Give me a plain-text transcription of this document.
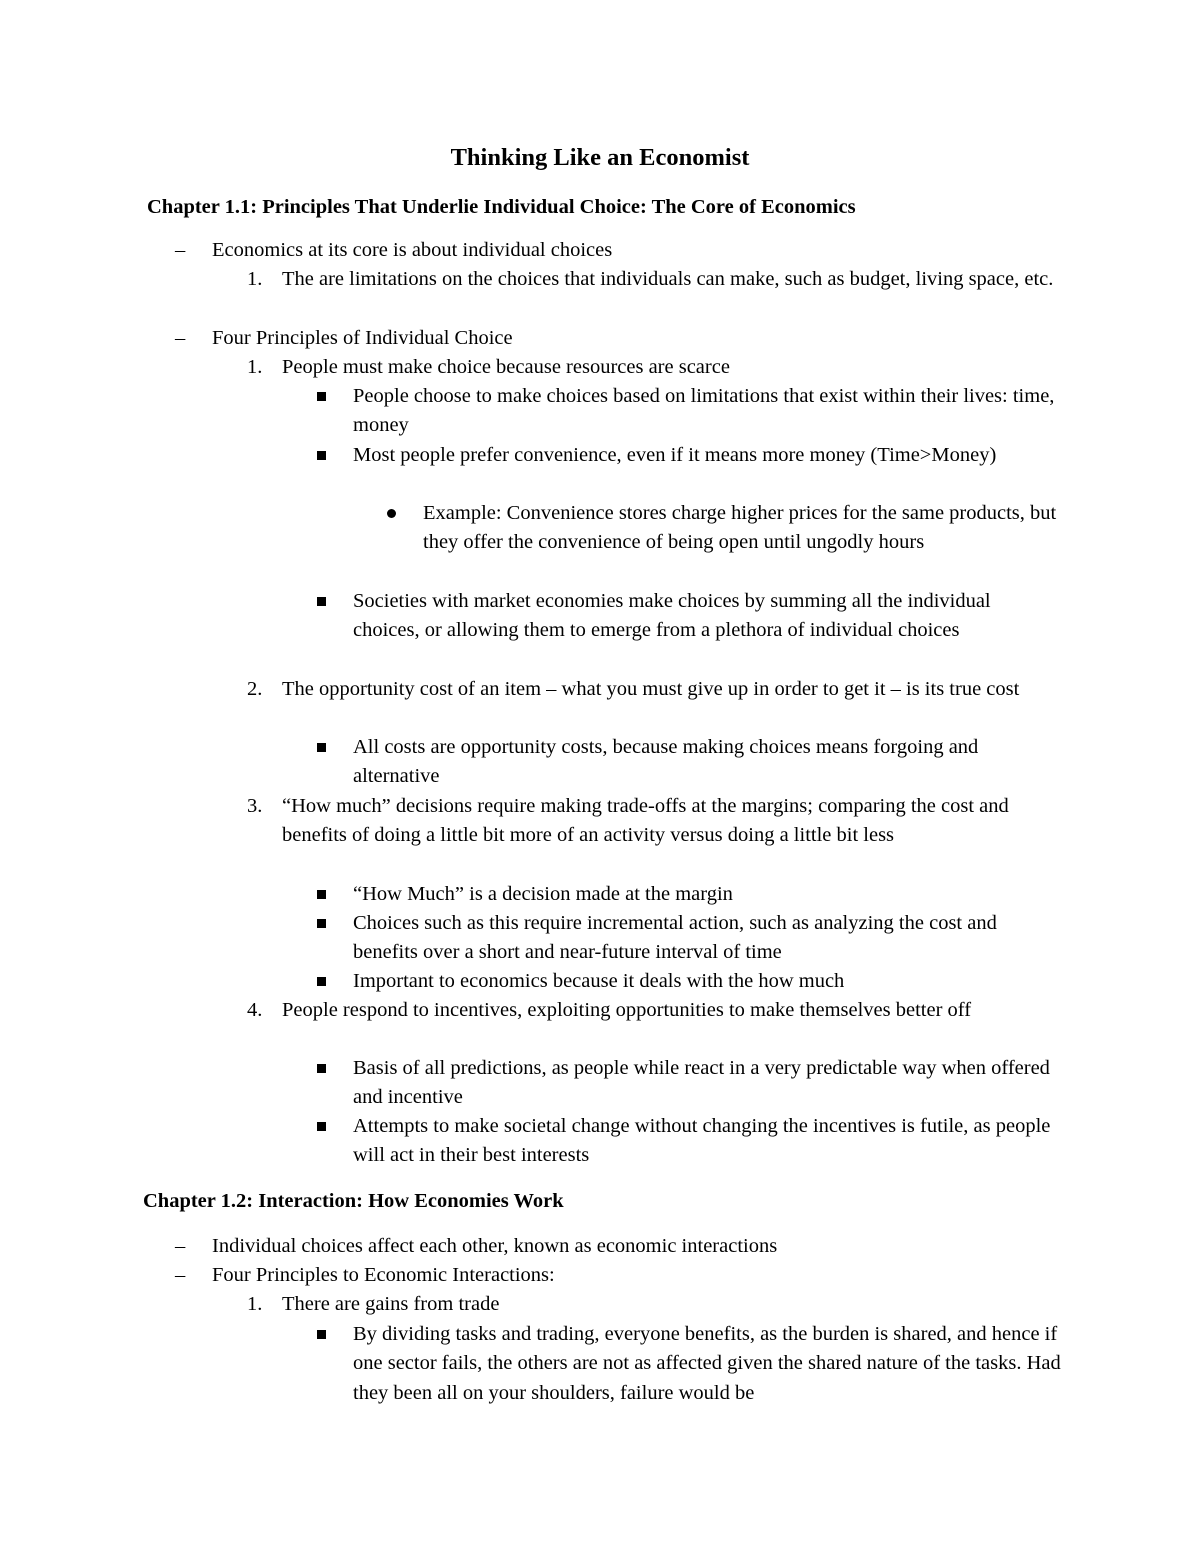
Thinking Like an Economist
Chapter 1.1: Principles That Underlie Individual Choice: The Core of Economics
– Economics at its core is about individual choices
1. The are limitations on the choices that individuals can make, such as budget, living space, etc.
– Four Principles of Individual Choice
1. People must make choice because resources are scarce
People choose to make choices based on limitations that exist within their lives: time, money
Most people prefer convenience, even if it means more money (Time>Money)
Example: Convenience stores charge higher prices for the same products, but they offer the convenience of being open until ungodly hours
Societies with market economies make choices by summing all the individual choices, or allowing them to emerge from a plethora of individual choices
2. The opportunity cost of an item – what you must give up in order to get it – is its true cost
All costs are opportunity costs, because making choices means forgoing and alternative
3. “How much” decisions require making trade-offs at the margins; comparing the cost and benefits of doing a little bit more of an activity versus doing a little bit less
“How Much” is a decision made at the margin
Choices such as this require incremental action, such as analyzing the cost and benefits over a short and near-future interval of time
Important to economics because it deals with the how much
4. People respond to incentives, exploiting opportunities to make themselves better off
Basis of all predictions, as people while react in a very predictable way when offered and incentive
Attempts to make societal change without changing the incentives is futile, as people will act in their best interests
Chapter 1.2: Interaction: How Economies Work
– Individual choices affect each other, known as economic interactions
– Four Principles to Economic Interactions:
1. There are gains from trade
By dividing tasks and trading, everyone benefits, as the burden is shared, and hence if one sector fails, the others are not as affected given the shared nature of the tasks. Had they been all on your shoulders, failure would be
